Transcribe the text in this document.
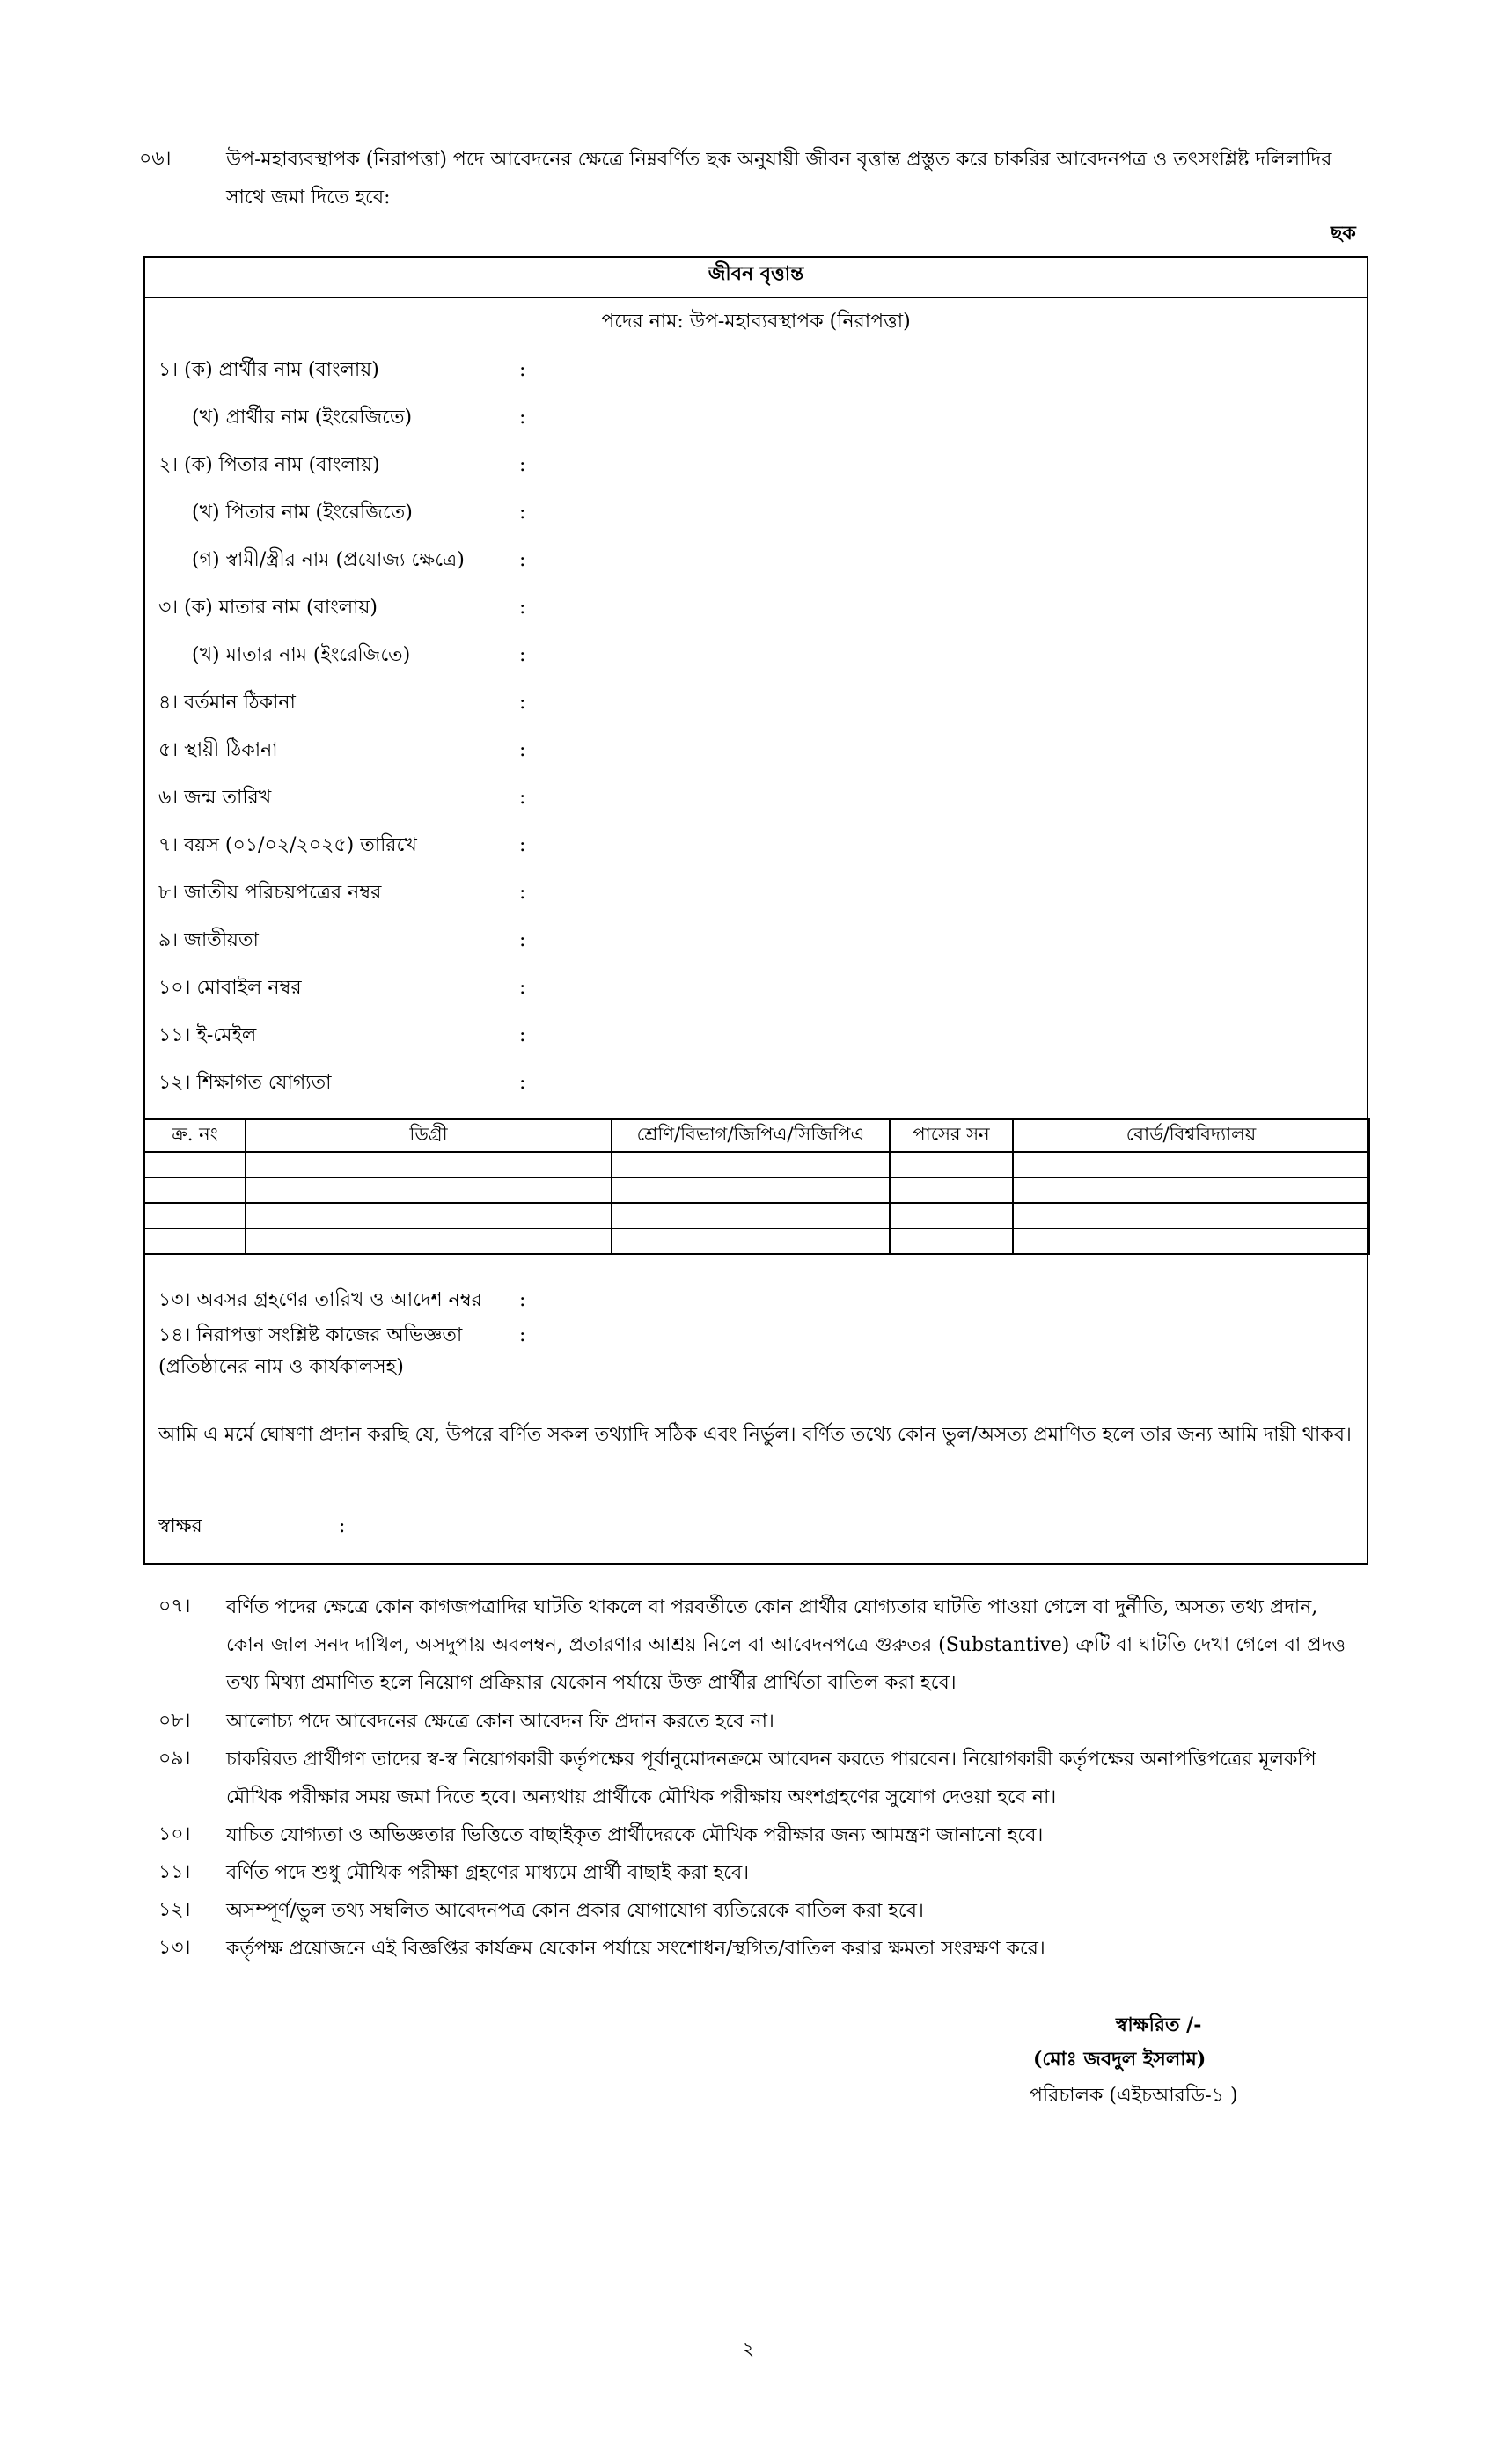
০৬।	উপ-মহাব্যবস্থাপক (নিরাপত্তা) পদে আবেদনের ক্ষেত্রে নিম্নবর্ণিত ছক অনুযায়ী জীবন বৃত্তান্ত প্রস্তুত করে চাকরির আবেদনপত্র ও তৎসংশ্লিষ্ট দলিলাদির সাথে জমা দিতে হবে:
ছক
জীবন বৃত্তান্ত
পদের নাম: উপ-মহাব্যবস্থাপক (নিরাপত্তা)
১। (ক) প্রার্থীর নাম (বাংলায়)	:
(খ) প্রার্থীর নাম (ইংরেজিতে)	:
২। (ক) পিতার নাম (বাংলায়)	:
(খ) পিতার নাম (ইংরেজিতে)	:
(গ) স্বামী/স্ত্রীর নাম (প্রযোজ্য ক্ষেত্রে)	:
৩। (ক) মাতার নাম (বাংলায়)	:
(খ) মাতার নাম (ইংরেজিতে)	:
৪। বর্তমান ঠিকানা	:
৫। স্থায়ী ঠিকানা	:
৬। জন্ম তারিখ	:
৭। বয়স (০১/০২/২০২৫) তারিখে	:
৮। জাতীয় পরিচয়পত্রের নম্বর	:
৯। জাতীয়তা	:
১০। মোবাইল নম্বর	:
১১। ই-মেইল	:
১২। শিক্ষাগত যোগ্যতা	:
ক্র. নং	ডিগ্রী	শ্রেণি/বিভাগ/জিপিএ/সিজিপিএ	পাসের সন	বোর্ড/বিশ্ববিদ্যালয়

১৩। অবসর গ্রহণের তারিখ ও আদেশ নম্বর :
১৪। নিরাপত্তা সংশ্লিষ্ট কাজের অভিজ্ঞতা	:
(প্রতিষ্ঠানের নাম ও কার্যকালসহ)
আমি এ মর্মে ঘোষণা প্রদান করছি যে, উপরে বর্ণিত সকল তথ্যাদি সঠিক এবং নির্ভুল। বর্ণিত তথ্যে কোন ভুল/অসত্য প্রমাণিত হলে তার জন্য আমি দায়ী থাকব।
স্বাক্ষর	:
০৭। বর্ণিত পদের ক্ষেত্রে কোন কাগজপত্রাদির ঘাটতি থাকলে বা পরবর্তীতে কোন প্রার্থীর যোগ্যতার ঘাটতি পাওয়া গেলে বা দুর্নীতি, অসত্য তথ্য প্রদান, কোন জাল সনদ দাখিল, অসদুপায় অবলম্বন, প্রতারণার আশ্রয় নিলে বা আবেদনপত্রে গুরুতর (Substantive) ত্রুটি বা ঘাটতি দেখা গেলে বা প্রদত্ত তথ্য মিথ্যা প্রমাণিত হলে নিয়োগ প্রক্রিয়ার যেকোন পর্যায়ে উক্ত প্রার্থীর প্রার্থিতা বাতিল করা হবে।
০৮। আলোচ্য পদে আবেদনের ক্ষেত্রে কোন আবেদন ফি প্রদান করতে হবে না।
০৯। চাকরিরত প্রার্থীগণ তাদের স্ব-স্ব নিয়োগকারী কর্তৃপক্ষের পূর্বানুমোদনক্রমে আবেদন করতে পারবেন। নিয়োগকারী কর্তৃপক্ষের অনাপত্তিপত্রের মূলকপি মৌখিক পরীক্ষার সময় জমা দিতে হবে। অন্যথায় প্রার্থীকে মৌখিক পরীক্ষায় অংশগ্রহণের সুযোগ দেওয়া হবে না।
১০। যাচিত যোগ্যতা ও অভিজ্ঞতার ভিত্তিতে বাছাইকৃত প্রার্থীদেরকে মৌখিক পরীক্ষার জন্য আমন্ত্রণ জানানো হবে।
১১। বর্ণিত পদে শুধু মৌখিক পরীক্ষা গ্রহণের মাধ্যমে প্রার্থী বাছাই করা হবে।
১২। অসম্পূর্ণ/ভুল তথ্য সম্বলিত আবেদনপত্র কোন প্রকার যোগাযোগ ব্যতিরেকে বাতিল করা হবে।
১৩। কর্তৃপক্ষ প্রয়োজনে এই বিজ্ঞপ্তির কার্যক্রম যেকোন পর্যায়ে সংশোধন/স্থগিত/বাতিল করার ক্ষমতা সংরক্ষণ করে।
স্বাক্ষরিত /-
(মোঃ জবদুল ইসলাম)
পরিচালক (এইচআরডি-১ )
২
